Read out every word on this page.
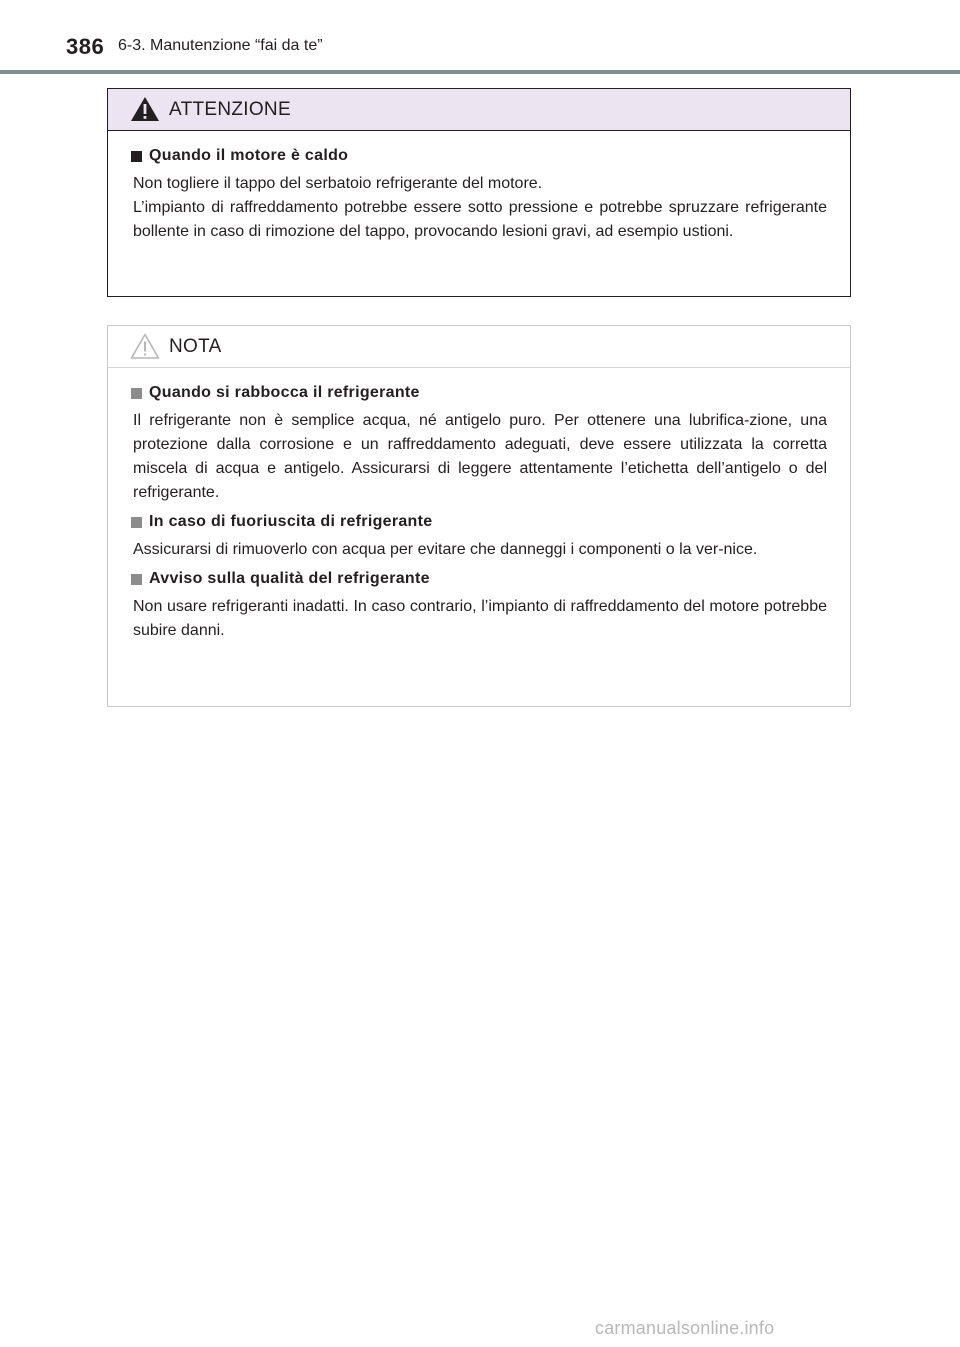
386 6-3. Manutenzione “fai da te”
ATTENZIONE
Quando il motore è caldo

Non togliere il tappo del serbatoio refrigerante del motore.

L’impianto di raffreddamento potrebbe essere sotto pressione e potrebbe spruzzare refrigerante bollente in caso di rimozione del tappo, provocando lesioni gravi, ad esempio ustioni.

NOTA
Quando si rabbocca il refrigerante

Il refrigerante non è semplice acqua, né antigelo puro. Per ottenere una lubrifica-zione, una protezione dalla corrosione e un raffreddamento adeguati, deve essere utilizzata la corretta miscela di acqua e antigelo. Assicurarsi di leggere attentamente l’etichetta dell’antigelo o del refrigerante.

In caso di fuoriuscita di refrigerante

Assicurarsi di rimuoverlo con acqua per evitare che danneggi i componenti o la ver-nice.

Avviso sulla qualità del refrigerante

Non usare refrigeranti inadatti. In caso contrario, l’impianto di raffreddamento del motore potrebbe subire danni.

carmanualsonline.info
